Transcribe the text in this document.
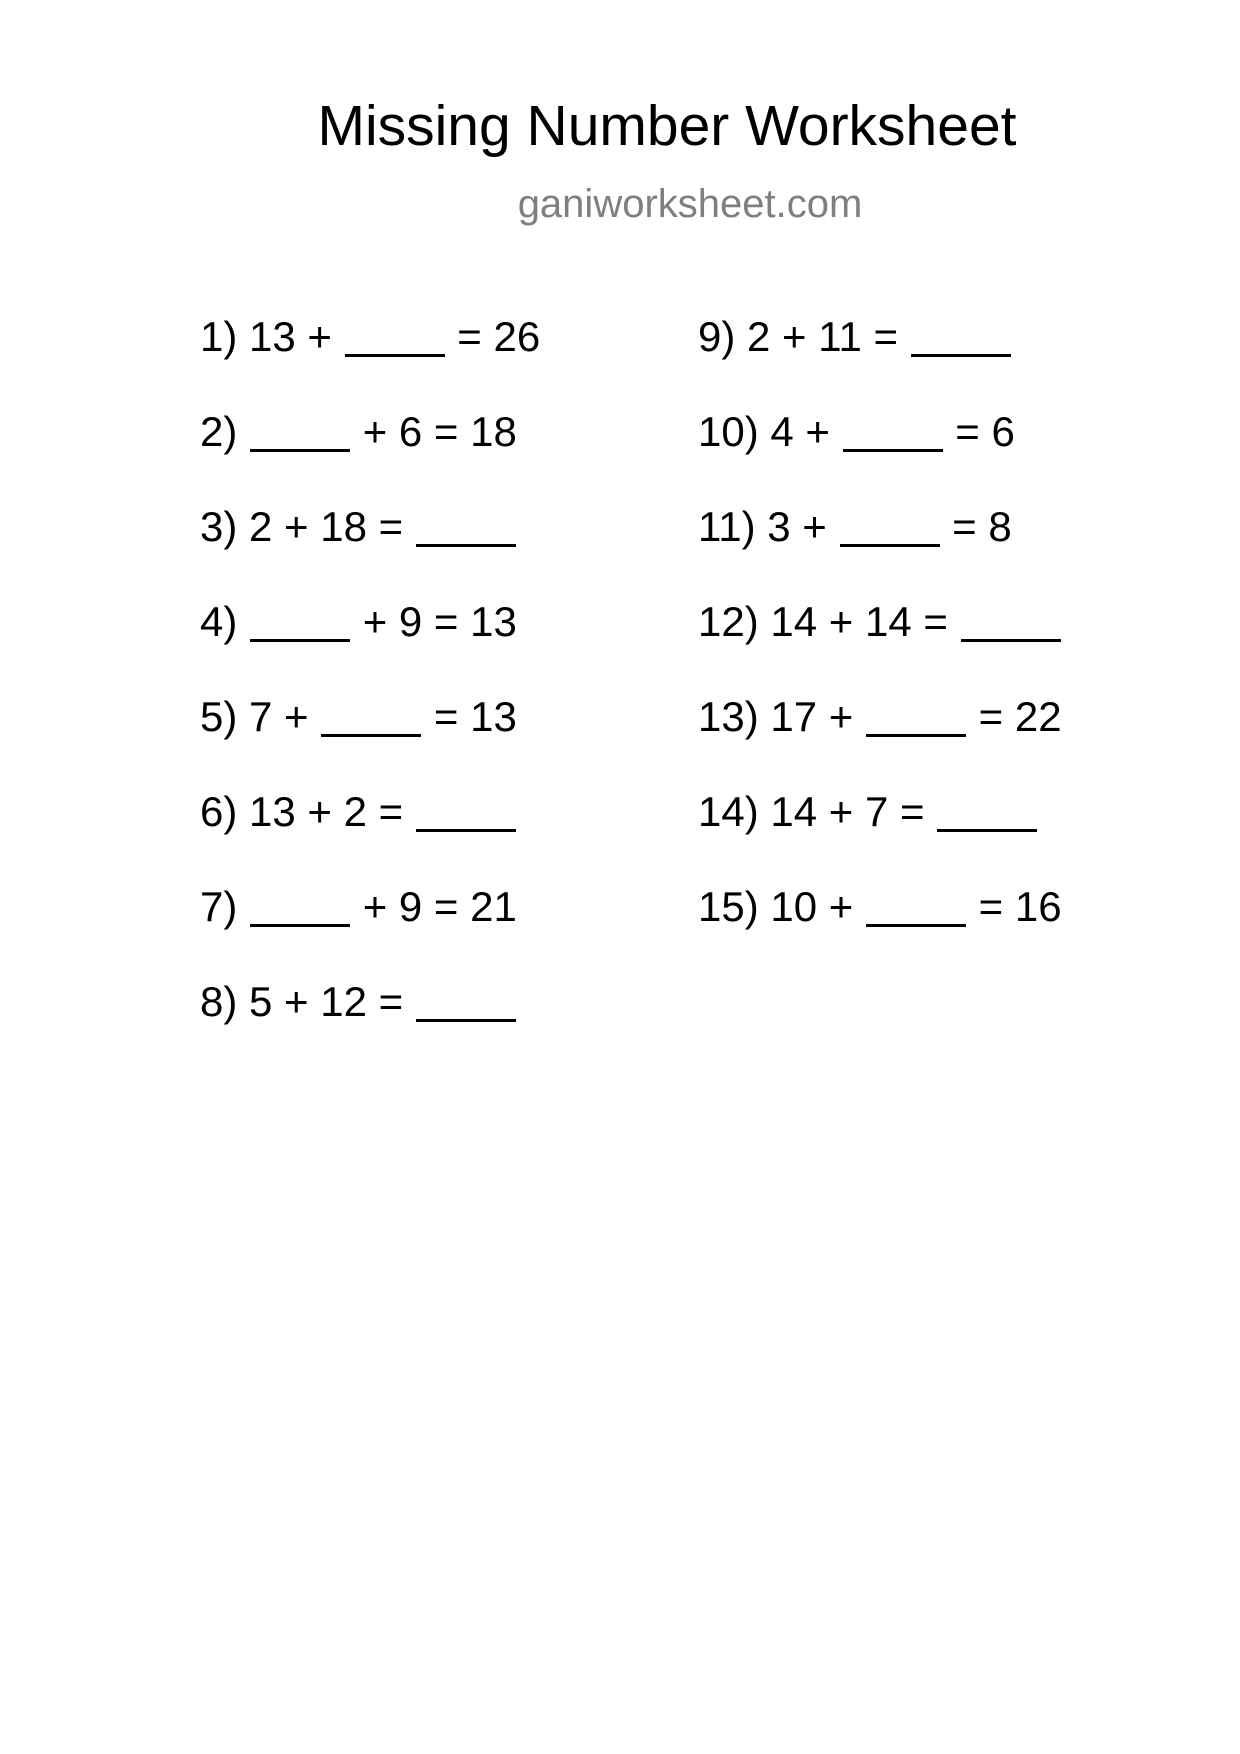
Missing Number Worksheet
ganiworksheet.com
1) 13 +  = 26
2)	+ 6 = 18
3) 2 + 18 =
4)	+ 9 = 13
5) 7 +  = 13
6) 13 + 2 =
7)	+ 9 = 21
8) 5 + 12 =
9) 2 + 11 =
10) 4 +  = 6
11) 3 +  = 8
12) 14 + 14 =
13) 17 +  = 22
14) 14 + 7 =
15) 10 +  = 16
